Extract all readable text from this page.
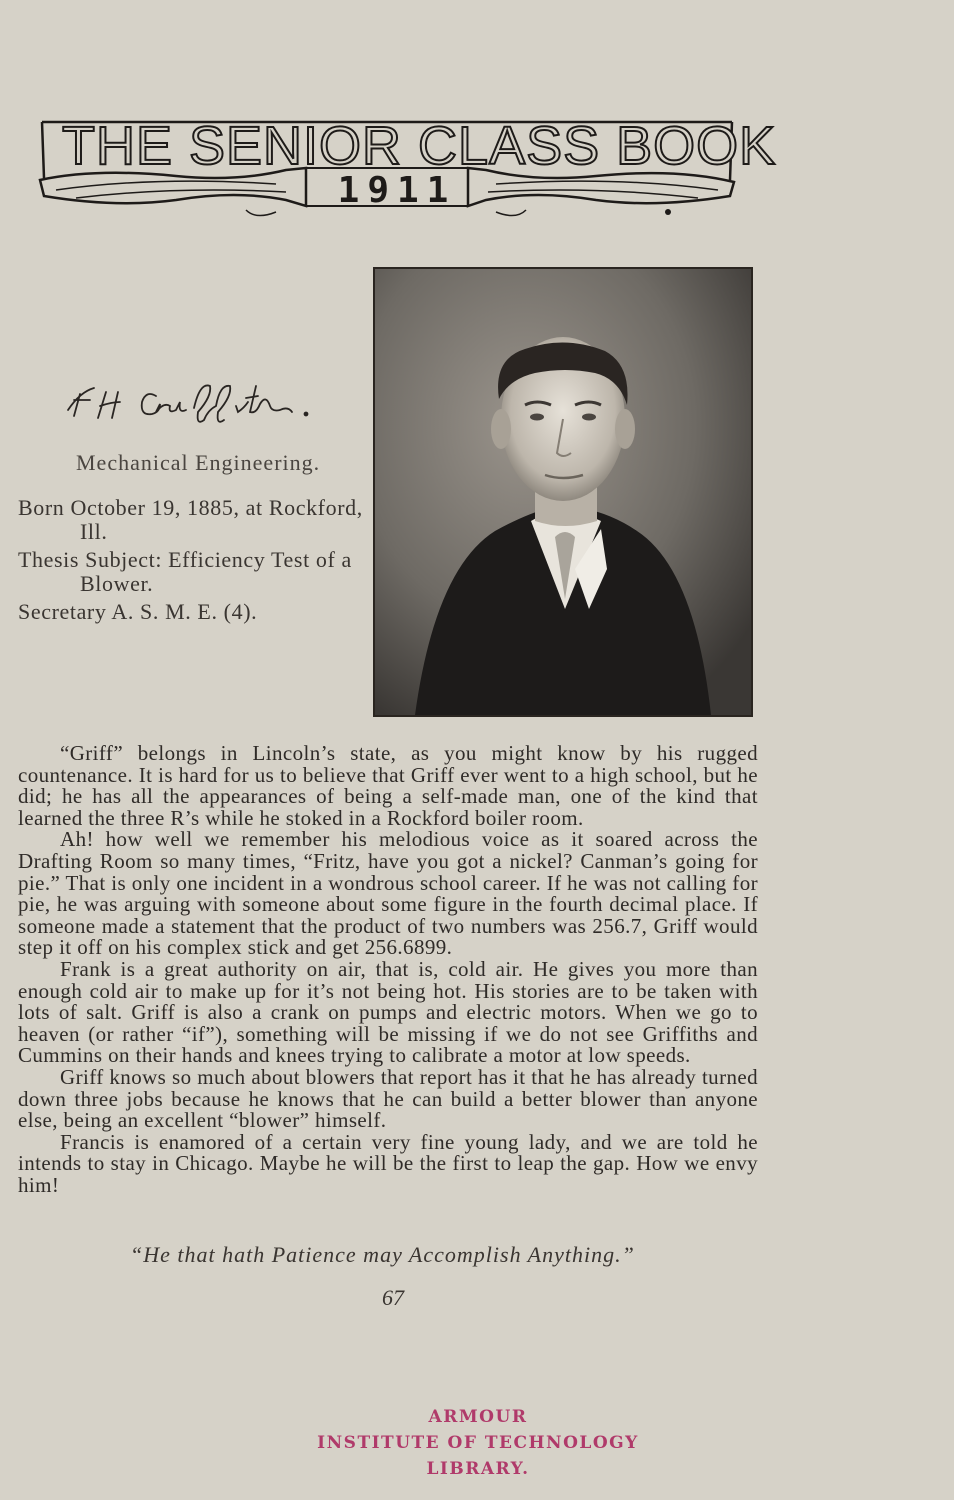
THE SENIOR CLASS BOOK
1911
Mechanical Engineering.
Born October 19, 1885, at Rockford,
Ill.
Thesis Subject: Efficiency Test of a
Blower.
Secretary A. S. M. E. (4).

“Griff” belongs in Lincoln’s state, as you might know by his rugged countenance. It is hard for us to believe that Griff ever went to a high school, but he did; he has all the appearances of being a self-made man, one of the kind that learned the three R’s while he stoked in a Rockford boiler room.

Ah! how well we remember his melodious voice as it soared across the Drafting Room so many times, “Fritz, have you got a nickel? Canman’s going for pie.” That is only one incident in a wondrous school career. If he was not calling for pie, he was arguing with someone about some figure in the fourth decimal place. If someone made a statement that the product of two numbers was 256.7, Griff would step it off on his complex stick and get 256.6899.

Frank is a great authority on air, that is, cold air. He gives you more than enough cold air to make up for it’s not being hot. His stories are to be taken with lots of salt. Griff is also a crank on pumps and electric motors. When we go to heaven (or rather “if”), something will be missing if we do not see Griffiths and Cummins on their hands and knees trying to calibrate a motor at low speeds.

Griff knows so much about blowers that report has it that he has already turned down three jobs because he knows that he can build a better blower than anyone else, being an excellent “blower” himself.

Francis is enamored of a certain very fine young lady, and we are told he intends to stay in Chicago. Maybe he will be the first to leap the gap. How we envy him!

“He that hath Patience may Accomplish Anything.”
67
ARMOUR
INSTITUTE OF TECHNOLOGY
LIBRARY.
